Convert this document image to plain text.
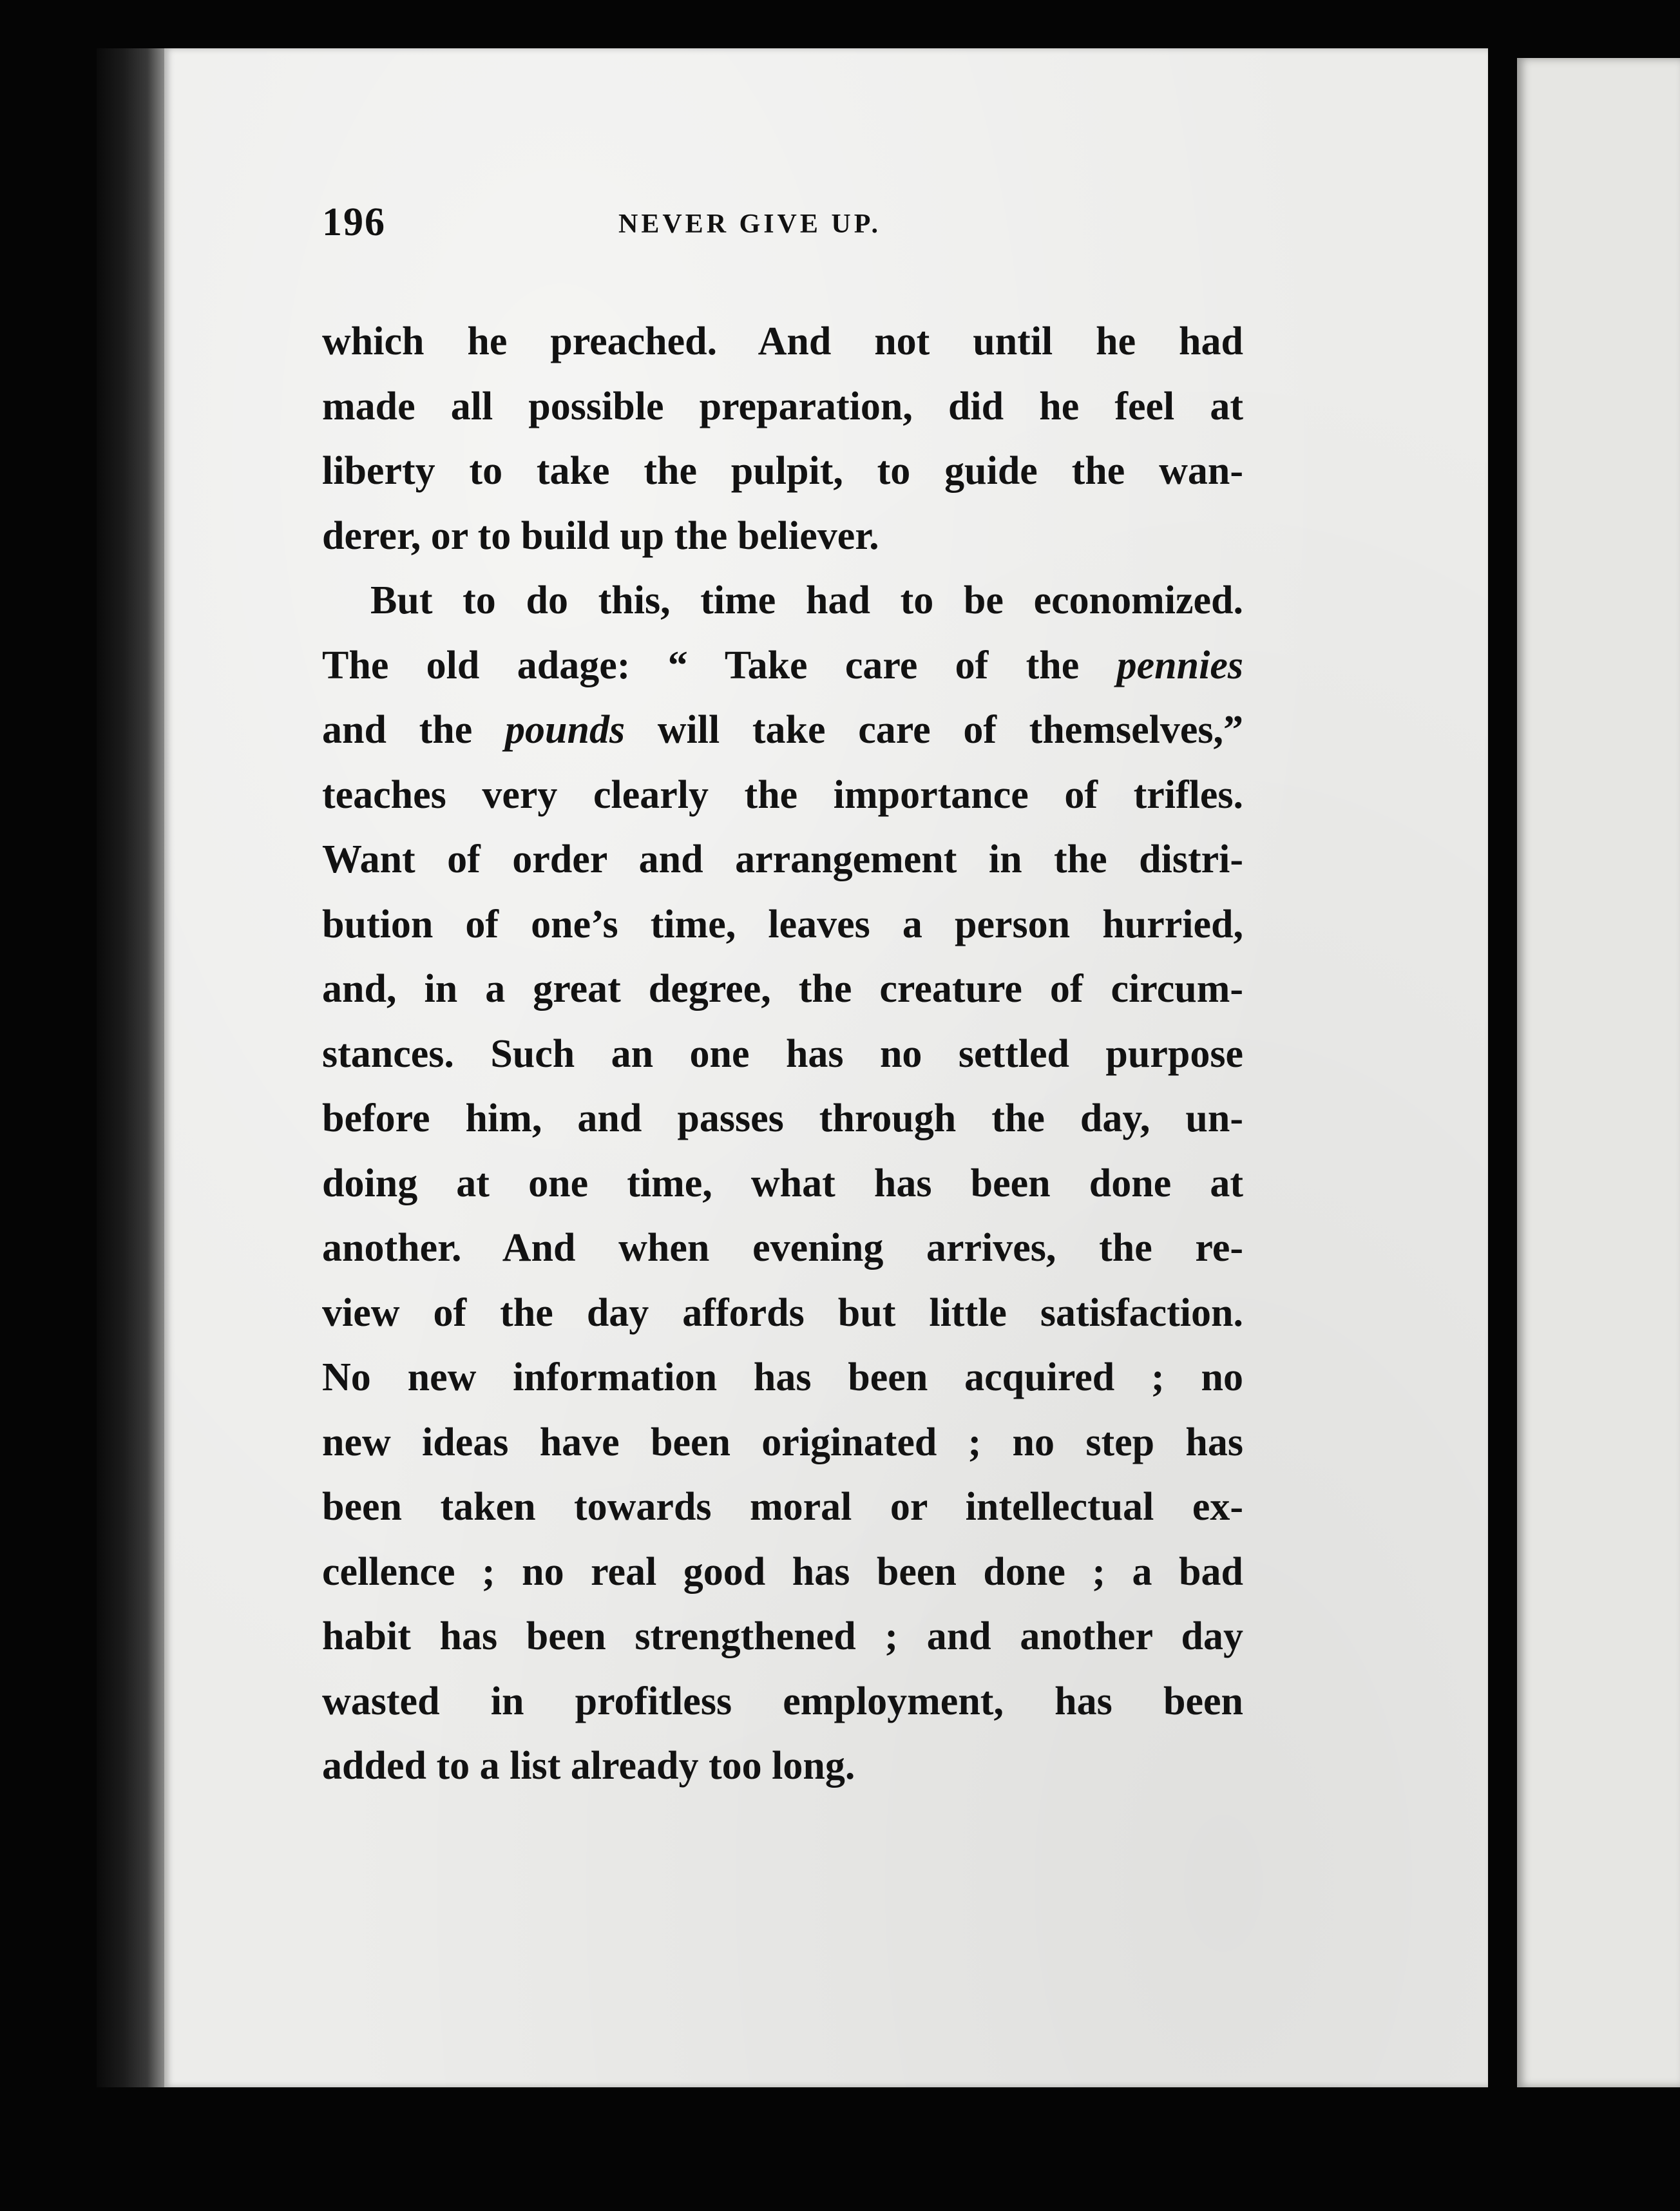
196	NEVER GIVE UP.
which he preached. And not until he had
made all possible preparation, did he feel at
liberty to take the pulpit, to guide the wan-
derer, or to build up the believer.
But to do this, time had to be economized.
The old adage: “ Take care of the pennies
and the pounds will take care of themselves,”
teaches very clearly the importance of trifles.
Want of order and arrangement in the distri-
bution of one’s time, leaves a person hurried,
and, in a great degree, the creature of circum-
stances. Such an one has no settled purpose
before him, and passes through the day, un-
doing at one time, what has been done at
another. And when evening arrives, the re-
view of the day affords but little satisfaction.
No new information has been acquired ; no
new ideas have been originated ; no step has
been taken towards moral or intellectual ex-
cellence ; no real good has been done ; a bad
habit has been strengthened ; and another day
wasted in profitless employment, has been
added to a list already too long.
